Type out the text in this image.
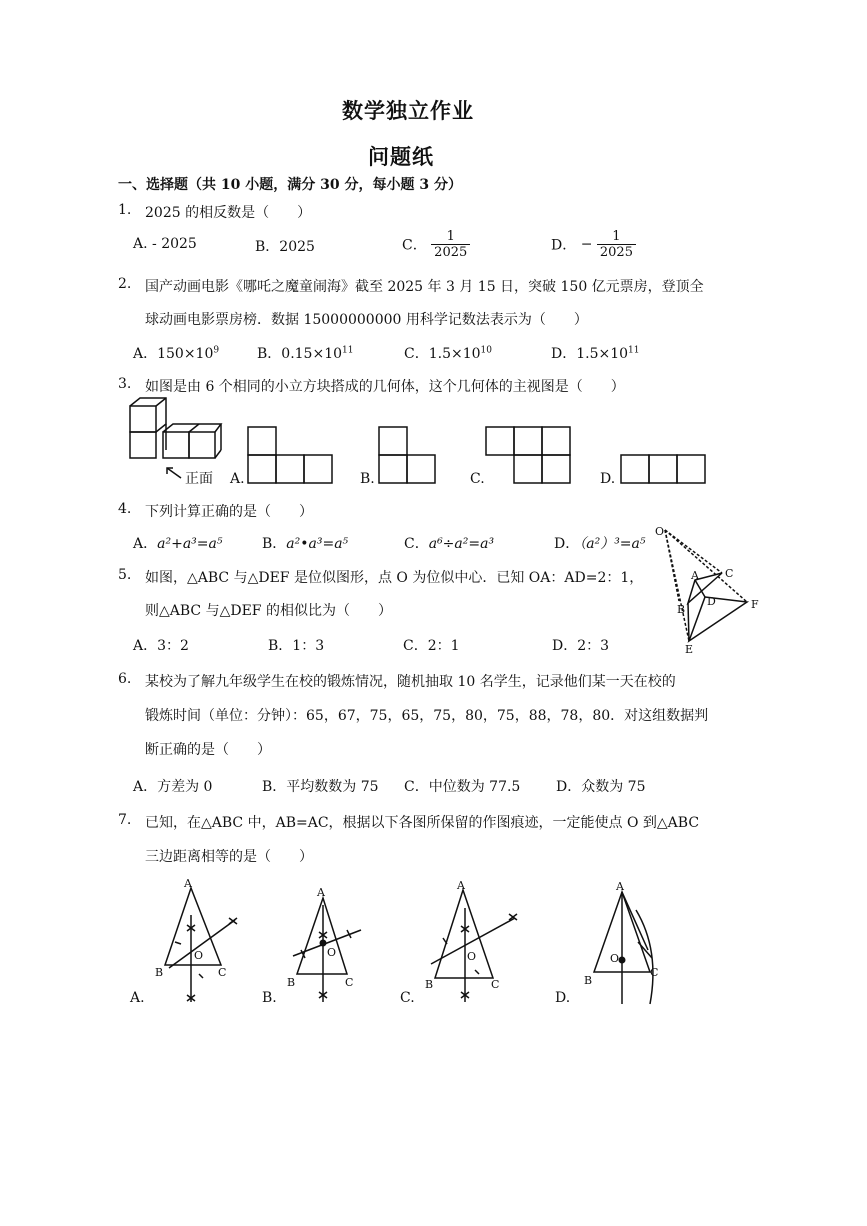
数学独立作业
问题纸
一、选择题（共 10 小题，满分 30 分，每小题 3 分）
1. 2025 的相反数是（　　）
A. - 2025	B．2025	C． $\frac{1}{2025}$	D． − $\frac{1}{2025}$
2. 国产动画电影《哪吒之魔童闹海》截至 2025 年 3 月 15 日，突破 150 亿元票房，登顶全
球动画电影票房榜．数据 15000000000 用科学记数法表示为（　　）
A．$150\times 10^9$	B．$0.15\times 10^{11}$	C．$1.5\times 10^{10}$	D．$1.5\times 10^{11}$
3. 如图是由 6 个相同的小立方块搭成的几何体，这个几何体的主视图是（　　）
正面 A.	B.	C.	D.
4. 下列计算正确的是（　　）
A．a²+a³=a⁵	B．a²•a³=a⁵	C．a⁶÷a²=a³	D．（a²）³=a⁵
O
A C
B
D	F
E
5. 如图，△ABC 与△DEF 是位似图形，点 O 为位似中心．已知 OA：AD=2：1，
则△ABC 与△DEF 的相似比为（　　）
A．3：2	B．1：3	C．2：1	D．2：3
6. 某校为了解九年级学生在校的锻炼情况，随机抽取 10 名学生，记录他们某一天在校的
锻炼时间（单位：分钟）：65，67，75，65，75，80，75，88，78，80．对这组数据判
断正确的是（　　）
A．方差为 0	B．平均数数为 75 C．中位数为 77.5	D．众数为 75
7. 已知，在△ABC 中，AB=AC，根据以下各图所保留的作图痕迹，一定能使点 O 到△ABC
三边距离相等的是（　　）
A.
A
B	C
O
B.
A
B	C
O
C.
A
B	C
O
D.
A
B
C
O
